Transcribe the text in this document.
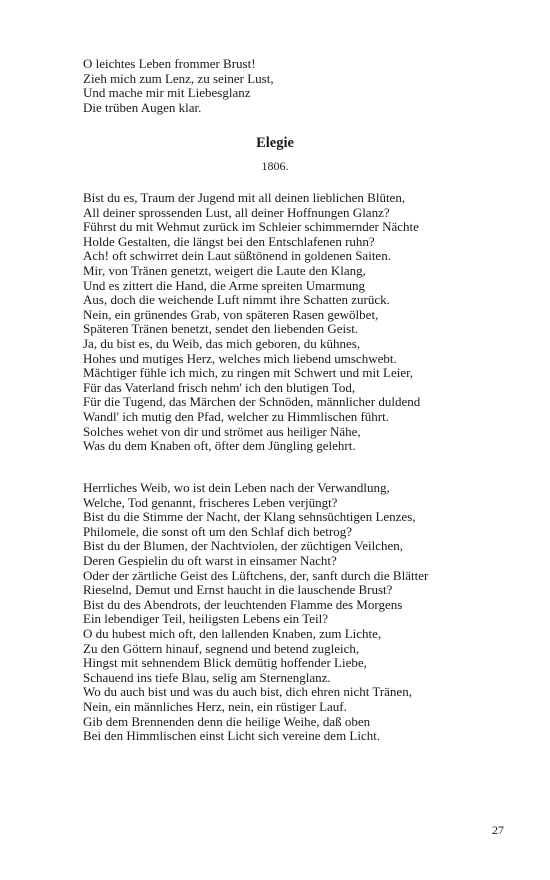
O leichtes Leben frommer Brust!
Zieh mich zum Lenz, zu seiner Lust,
Und mache mir mit Liebesglanz
Die trüben Augen klar.
Elegie
1806.
Bist du es, Traum der Jugend mit all deinen lieblichen Blüten,
All deiner sprossenden Lust, all deiner Hoffnungen Glanz?
Führst du mit Wehmut zurück im Schleier schimmernder Nächte
Holde Gestalten, die längst bei den Entschlafenen ruhn?
Ach! oft schwirret dein Laut süßtönend in goldenen Saiten.
Mir, von Tränen genetzt, weigert die Laute den Klang,
Und es zittert die Hand, die Arme spreiten Umarmung
Aus, doch die weichende Luft nimmt ihre Schatten zurück.
Nein, ein grünendes Grab, von späteren Rasen gewölbet,
Späteren Tränen benetzt, sendet den liebenden Geist.
Ja, du bist es, du Weib, das mich geboren, du kühnes,
Hohes und mutiges Herz, welches mich liebend umschwebt.
Mächtiger fühle ich mich, zu ringen mit Schwert und mit Leier,
Für das Vaterland frisch nehm' ich den blutigen Tod,
Für die Tugend, das Märchen der Schnöden, männlicher duldend
Wandl' ich mutig den Pfad, welcher zu Himmlischen führt.
Solches wehet von dir und strömet aus heiliger Nähe,
Was du dem Knaben oft, öfter dem Jüngling gelehrt.
Herrliches Weib, wo ist dein Leben nach der Verwandlung,
Welche, Tod genannt, frischeres Leben verjüngt?
Bist du die Stimme der Nacht, der Klang sehnsüchtigen Lenzes,
Philomele, die sonst oft um den Schlaf dich betrog?
Bist du der Blumen, der Nachtviolen, der züchtigen Veilchen,
Deren Gespielin du oft warst in einsamer Nacht?
Oder der zärtliche Geist des Lüftchens, der, sanft durch die Blätter
Rieselnd, Demut und Ernst haucht in die lauschende Brust?
Bist du des Abendrots, der leuchtenden Flamme des Morgens
Ein lebendiger Teil, heiligsten Lebens ein Teil?
O du hubest mich oft, den lallenden Knaben, zum Lichte,
Zu den Göttern hinauf, segnend und betend zugleich,
Hingst mit sehnendem Blick demütig hoffender Liebe,
Schauend ins tiefe Blau, selig am Sternenglanz.
Wo du auch bist und was du auch bist, dich ehren nicht Tränen,
Nein, ein männliches Herz, nein, ein rüstiger Lauf.
Gib dem Brennenden denn die heilige Weihe, daß oben
Bei den Himmlischen einst Licht sich vereine dem Licht.
27
